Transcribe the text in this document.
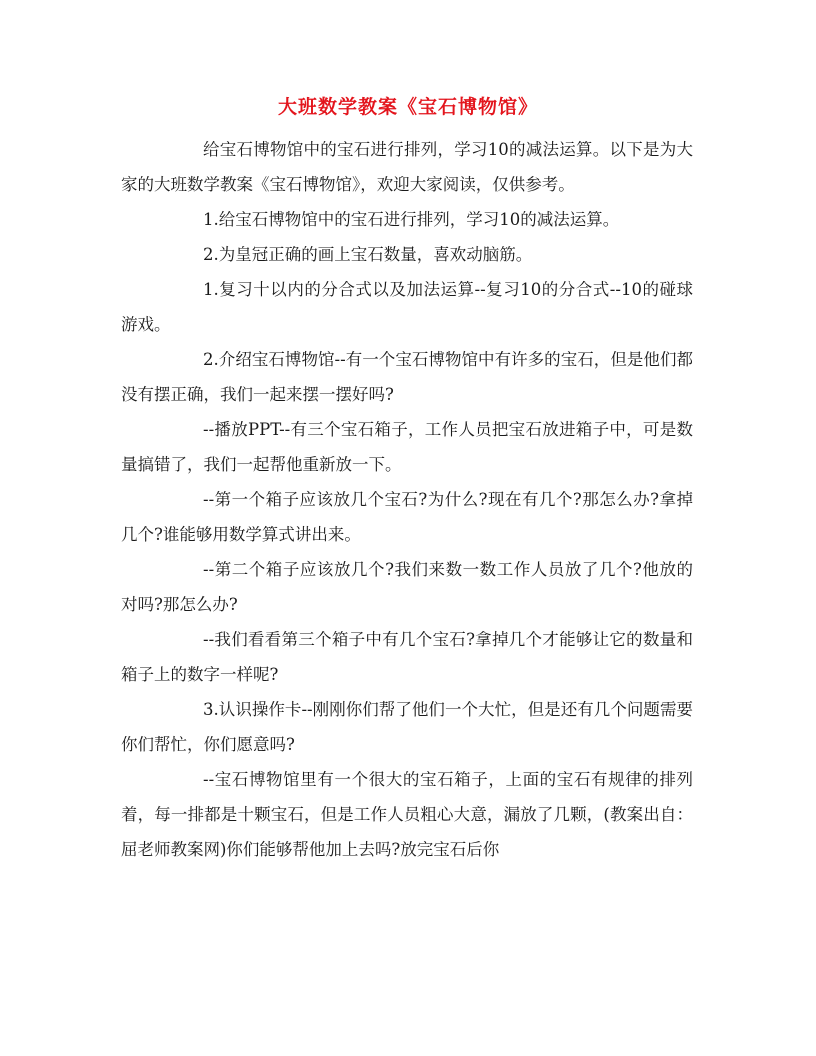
大班数学教案《宝石博物馆》

给宝石博物馆中的宝石进行排列，学习10的减法运算。以下是为大家的大班数学教案《宝石博物馆》，欢迎大家阅读，仅供参考。

1.给宝石博物馆中的宝石进行排列，学习10的减法运算。

2.为皇冠正确的画上宝石数量，喜欢动脑筋。

1.复习十以内的分合式以及加法运算--复习10的分合式--10的碰球游戏。

2.介绍宝石博物馆--有一个宝石博物馆中有许多的宝石，但是他们都没有摆正确，我们一起来摆一摆好吗?

--播放PPT--有三个宝石箱子，工作人员把宝石放进箱子中，可是数量搞错了，我们一起帮他重新放一下。

--第一个箱子应该放几个宝石?为什么?现在有几个?那怎么办?拿掉几个?谁能够用数学算式讲出来。

--第二个箱子应该放几个?我们来数一数工作人员放了几个?他放的对吗?那怎么办?

--我们看看第三个箱子中有几个宝石?拿掉几个才能够让它的数量和箱子上的数字一样呢?

3.认识操作卡--刚刚你们帮了他们一个大忙，但是还有几个问题需要你们帮忙，你们愿意吗?

--宝石博物馆里有一个很大的宝石箱子，上面的宝石有规律的排列着，每一排都是十颗宝石，但是工作人员粗心大意，漏放了几颗，(教案出自：屈老师教案网)你们能够帮他加上去吗?放完宝石后你
